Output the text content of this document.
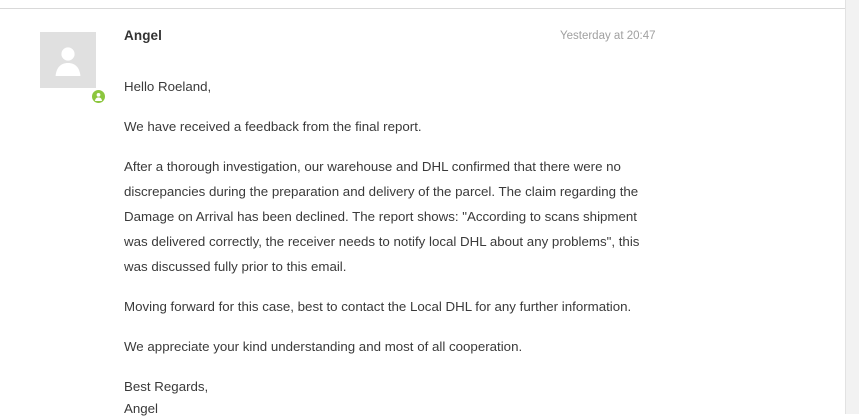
Angel	Yesterday at 20:47

Hello Roeland,

We have received a feedback from the final report.

After a thorough investigation, our warehouse and DHL confirmed that there were no discrepancies during the preparation and delivery of the parcel. The claim regarding the Damage on Arrival has been declined. The report shows: "According to scans shipment was delivered correctly, the receiver needs to notify local DHL about any problems", this was discussed fully prior to this email.

Moving forward for this case, best to contact the Local DHL for any further information.

We appreciate your kind understanding and most of all cooperation.

Best Regards,

Angel
